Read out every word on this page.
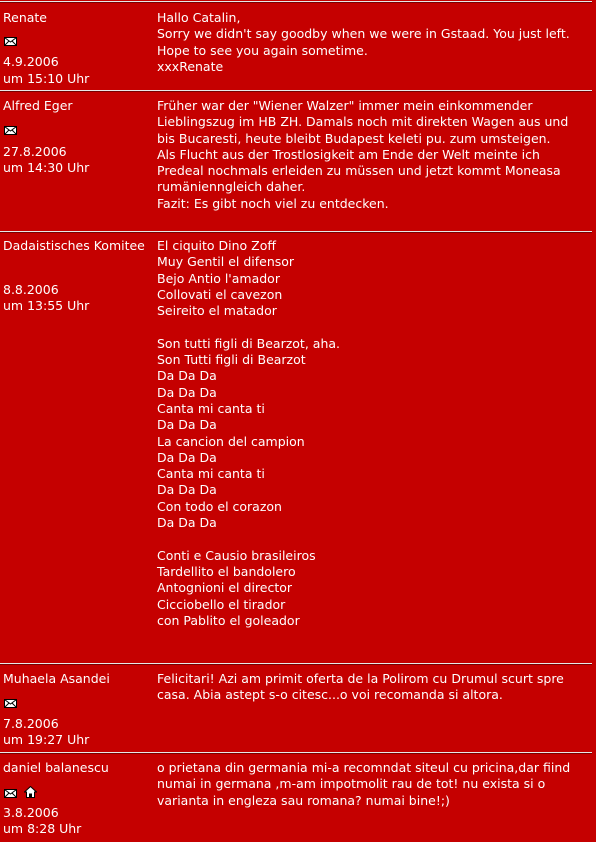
Renate
4.9.2006
um 15:10 Uhr
Hallo Catalin,
Sorry we didn't say goodby when we were in Gstaad. You just left. Hope to see you again sometime.
xxxRenate
Alfred Eger
27.8.2006
um 14:30 Uhr
Früher war der "Wiener Walzer" immer mein einkommender Lieblingszug im HB ZH. Damals noch mit direkten Wagen aus und bis Bucaresti, heute bleibt Budapest keleti pu. zum umsteigen.
Als Flucht aus der Trostlosigkeit am Ende der Welt meinte ich Predeal nochmals erleiden zu müssen und jetzt kommt Moneasa rumänienngleich daher.
Fazit: Es gibt noch viel zu entdecken.
Dadaistisches Komitee
8.8.2006
um 13:55 Uhr
El ciquito Dino Zoff
Muy Gentil el difensor
Bejo Antio l'amador
Collovati el cavezon
Seireito el matador

Son tutti figli di Bearzot, aha.
Son Tutti figli di Bearzot
Da Da Da
Da Da Da
Canta mi canta ti
Da Da Da
La cancion del campion
Da Da Da
Canta mi canta ti
Da Da Da
Con todo el corazon
Da Da Da

Conti e Causio brasileiros
Tardellito el bandolero
Antognioni el director
Cicciobello el tirador
con Pablito el goleador
Muhaela Asandei
7.8.2006
um 19:27 Uhr
Felicitari! Azi am primit oferta de la Polirom cu Drumul scurt spre casa. Abia astept s-o citesc...o voi recomanda si altora.
daniel balanescu
3.8.2006
um 8:28 Uhr
o prietana din germania mi-a recomndat siteul cu pricina,dar fiind numai in germana ,m-am impotmolit rau de tot! nu exista si o varianta in engleza sau romana? numai bine!;)
